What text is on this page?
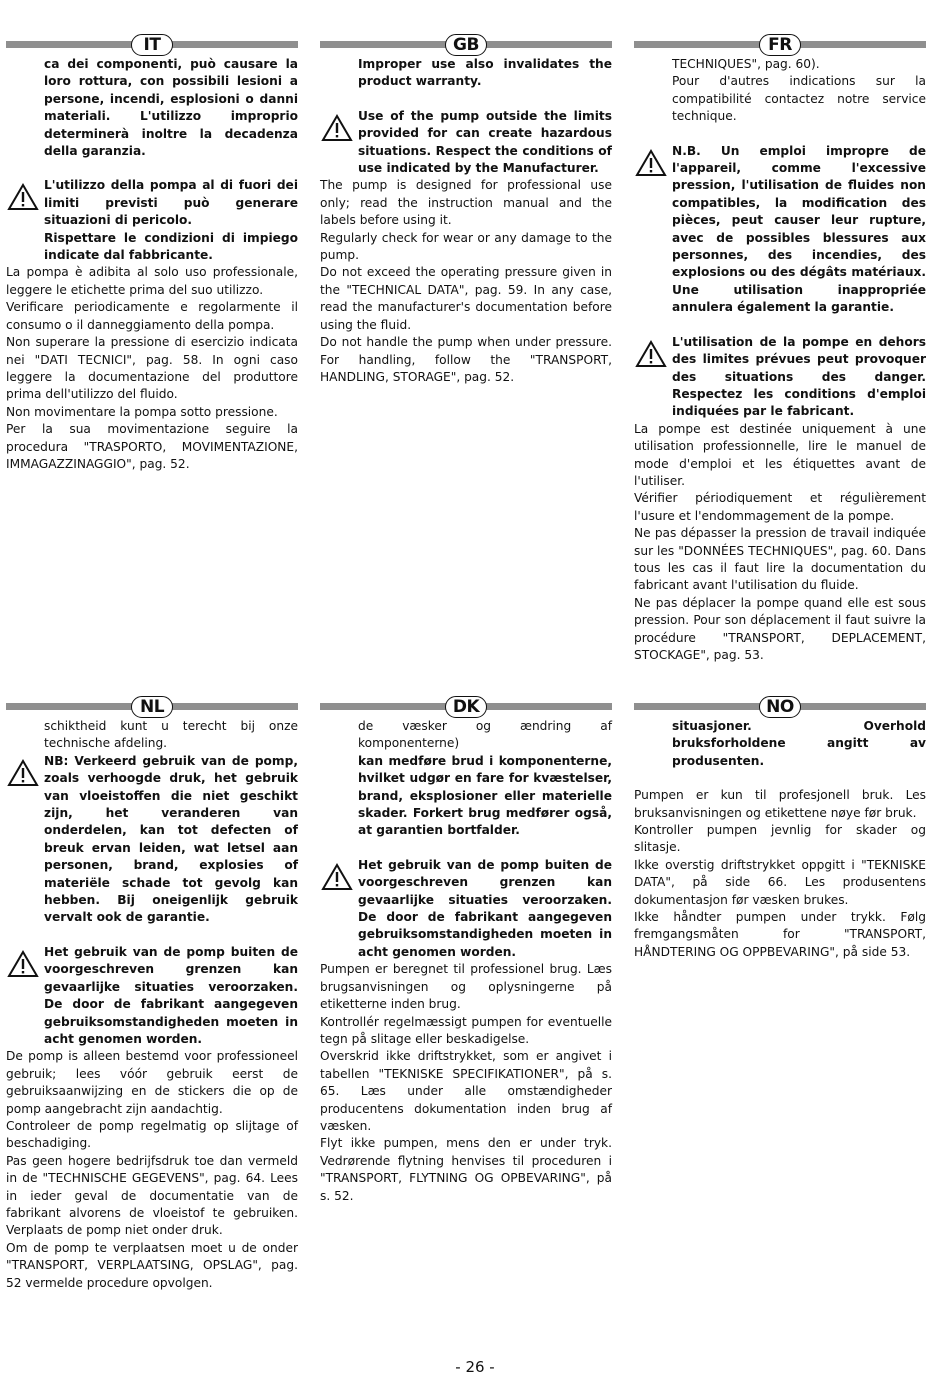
IT

ca dei componenti, può causare la loro rottura, con possibili lesioni a persone, incendi, esplosioni o danni materiali. L'utilizzo improprio determinerà inoltre la decadenza della garanzia.

L'utilizzo della pompa al di fuori dei limiti previsti può generare situazioni di pericolo.

Rispettare le condizioni di impiego indicate dal fabbricante.

La pompa è adibita al solo uso professionale, leggere le etichette prima del suo utilizzo.

Verificare periodicamente e regolarmente il consumo o il danneggiamento della pompa.

Non superare la pressione di esercizio indicata nei "DATI TECNICI", pag. 58. In ogni caso leggere la documentazione del produttore prima dell'utilizzo del fluido.

Non movimentare la pompa sotto pressione.

Per la sua movimentazione seguire la procedura "TRASPORTO, MOVIMENTAZIONE, IMMAGAZZINAGGIO", pag. 52.

GB

Improper use also invalidates the product warranty.

Use of the pump outside the limits provided for can create hazardous situations. Respect the conditions of use indicated by the Manufacturer.

The pump is designed for professional use only; read the instruction manual and the labels before using it.

Regularly check for wear or any damage to the pump.

Do not exceed the operating pressure given in the "TECHNICAL DATA", pag. 59. In any case, read the manufacturer's documentation before using the fluid.

Do not handle the pump when under pressure. For handling, follow the "TRANSPORT, HANDLING, STORAGE", pag. 52.

FR

TECHNIQUES", pag. 60).

Pour d'autres indications sur la compatibilité contactez notre service technique.

N.B. Un emploi impropre de l'appareil, comme l'excessive pression, l'utilisation de fluides non compatibles, la modification des pièces, peut causer leur rupture, avec de possibles blessures aux personnes, des incendies, des explosions ou des dégâts matériaux. Une utilisation inappropriée annulera également la garantie.

L'utilisation de la pompe en dehors des limites prévues peut provoquer des situations des danger. Respectez les conditions d'emploi indiquées par le fabricant.

La pompe est destinée uniquement à une utilisation professionnelle, lire le manuel de mode d'emploi et les étiquettes avant de l'utiliser.

Vérifier périodiquement et régulièrement l'usure et l'endommagement de la pompe.

Ne pas dépasser la pression de travail indiquée sur les "DONNÉES TECHNIQUES", pag. 60. Dans tous les cas il faut lire la documentation du fabricant avant l'utilisation du fluide.

Ne pas déplacer la pompe quand elle est sous pression. Pour son déplacement il faut suivre la procédure "TRANSPORT, DEPLACEMENT, STOCKAGE", pag. 53.

NL

schiktheid kunt u terecht bij onze technische afdeling.

NB: Verkeerd gebruik van de pomp, zoals verhoogde druk, het gebruik van vloeistoffen die niet geschikt zijn, het veranderen van onderdelen, kan tot defecten of breuk ervan leiden, wat letsel aan personen, brand, explosies of materiële schade tot gevolg kan hebben. Bij oneigenlijk gebruik vervalt ook de garantie.

Het gebruik van de pomp buiten de voorgeschreven grenzen kan gevaarlijke situaties veroorzaken. De door de fabrikant aangegeven gebruiksomstandigheden moeten in acht genomen worden.

De pomp is alleen bestemd voor professioneel gebruik; lees vóór gebruik eerst de gebruiksaanwijzing en de stickers die op de pomp aangebracht zijn aandachtig.

Controleer de pomp regelmatig op slijtage of beschadiging.

Pas geen hogere bedrijfsdruk toe dan vermeld in de "TECHNISCHE GEGEVENS", pag. 64. Lees in ieder geval de documentatie van de fabrikant alvorens de vloeistof te gebruiken. Verplaats de pomp niet onder druk.

Om de pomp te verplaatsen moet u de onder "TRANSPORT, VERPLAATSING, OPSLAG", pag. 52 vermelde procedure opvolgen.

DK

de væsker og ændring af komponenterne)

kan medføre brud i komponenterne, hvilket udgør en fare for kvæstelser, brand, eksplosioner eller materielle skader. Forkert brug medfører også, at garantien bortfalder.

Het gebruik van de pomp buiten de voorgeschreven grenzen kan gevaarlijke situaties veroorzaken. De door de fabrikant aangegeven gebruiksomstandigheden moeten in acht genomen worden.

Pumpen er beregnet til professionel brug. Læs brugsanvisningen og oplysningerne på etiketterne inden brug.

Kontrollér regelmæssigt pumpen for eventuelle tegn på slitage eller beskadigelse.

Overskrid ikke driftstrykket, som er angivet i tabellen "TEKNISKE SPECIFIKATIONER", på s. 65. Læs under alle omstændigheder producentens dokumentation inden brug af væsken.

Flyt ikke pumpen, mens den er under tryk. Vedrørende flytning henvises til proceduren i "TRANSPORT, FLYTNING OG OPBEVARING", på s. 52.

NO

situasjoner. Overhold bruksforholdene angitt av produsenten.

Pumpen er kun til profesjonell bruk. Les bruksanvisningen og etikettene nøye før bruk.

Kontroller pumpen jevnlig for skader og slitasje.

Ikke overstig driftstrykket oppgitt i "TEKNISKE DATA", på side 66. Les produsentens dokumentasjon før væsken brukes.

Ikke håndter pumpen under trykk. Følg fremgangsmåten for "TRANSPORT, HÅNDTERING OG OPPBEVARING", på side 53.

- 26 -
